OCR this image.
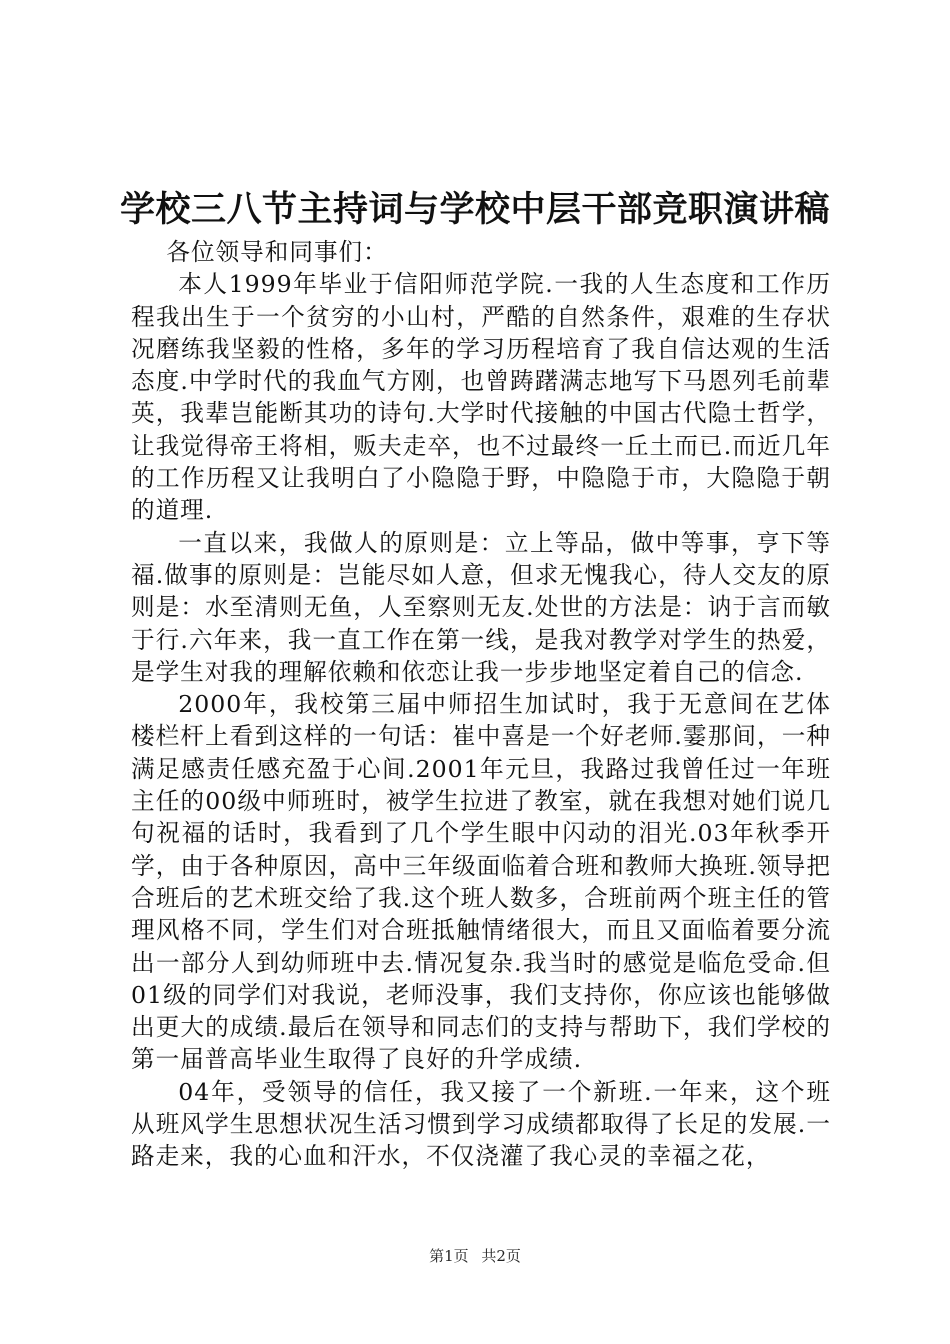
学校三八节主持词与学校中层干部竞职演讲稿

各位领导和同事们：

本人1999年毕业于信阳师范学院.一我的人生态度和工作历程我出生于一个贫穷的小山村，严酷的自然条件，艰难的生存状况磨练我坚毅的性格，多年的学习历程培育了我自信达观的生活态度.中学时代的我血气方刚，也曾踌躇满志地写下马恩列毛前辈英，我辈岂能断其功的诗句.大学时代接触的中国古代隐士哲学，让我觉得帝王将相，贩夫走卒，也不过最终一丘土而已.而近几年的工作历程又让我明白了小隐隐于野，中隐隐于市，大隐隐于朝的道理.

一直以来，我做人的原则是：立上等品，做中等事，亨下等福.做事的原则是：岂能尽如人意，但求无愧我心，待人交友的原则是：水至清则无鱼，人至察则无友.处世的方法是：讷于言而敏于行.六年来，我一直工作在第一线，是我对教学对学生的热爱，是学生对我的理解依赖和依恋让我一步步地坚定着自己的信念.

2000年，我校第三届中师招生加试时，我于无意间在艺体楼栏杆上看到这样的一句话：崔中喜是一个好老师.霎那间，一种满足感责任感充盈于心间.2001年元旦，我路过我曾任过一年班主任的00级中师班时，被学生拉进了教室，就在我想对她们说几句祝福的话时，我看到了几个学生眼中闪动的泪光.03年秋季开学，由于各种原因，高中三年级面临着合班和教师大换班.领导把合班后的艺术班交给了我.这个班人数多，合班前两个班主任的管理风格不同，学生们对合班抵触情绪很大，而且又面临着要分流出一部分人到幼师班中去.情况复杂.我当时的感觉是临危受命.但01级的同学们对我说，老师没事，我们支持你，你应该也能够做出更大的成绩.最后在领导和同志们的支持与帮助下，我们学校的第一届普高毕业生取得了良好的升学成绩.

04年，受领导的信任，我又接了一个新班.一年来，这个班从班风学生思想状况生活习惯到学习成绩都取得了长足的发展.一路走来，我的心血和汗水，不仅浇灌了我心灵的幸福之花，

第1页 共2页
